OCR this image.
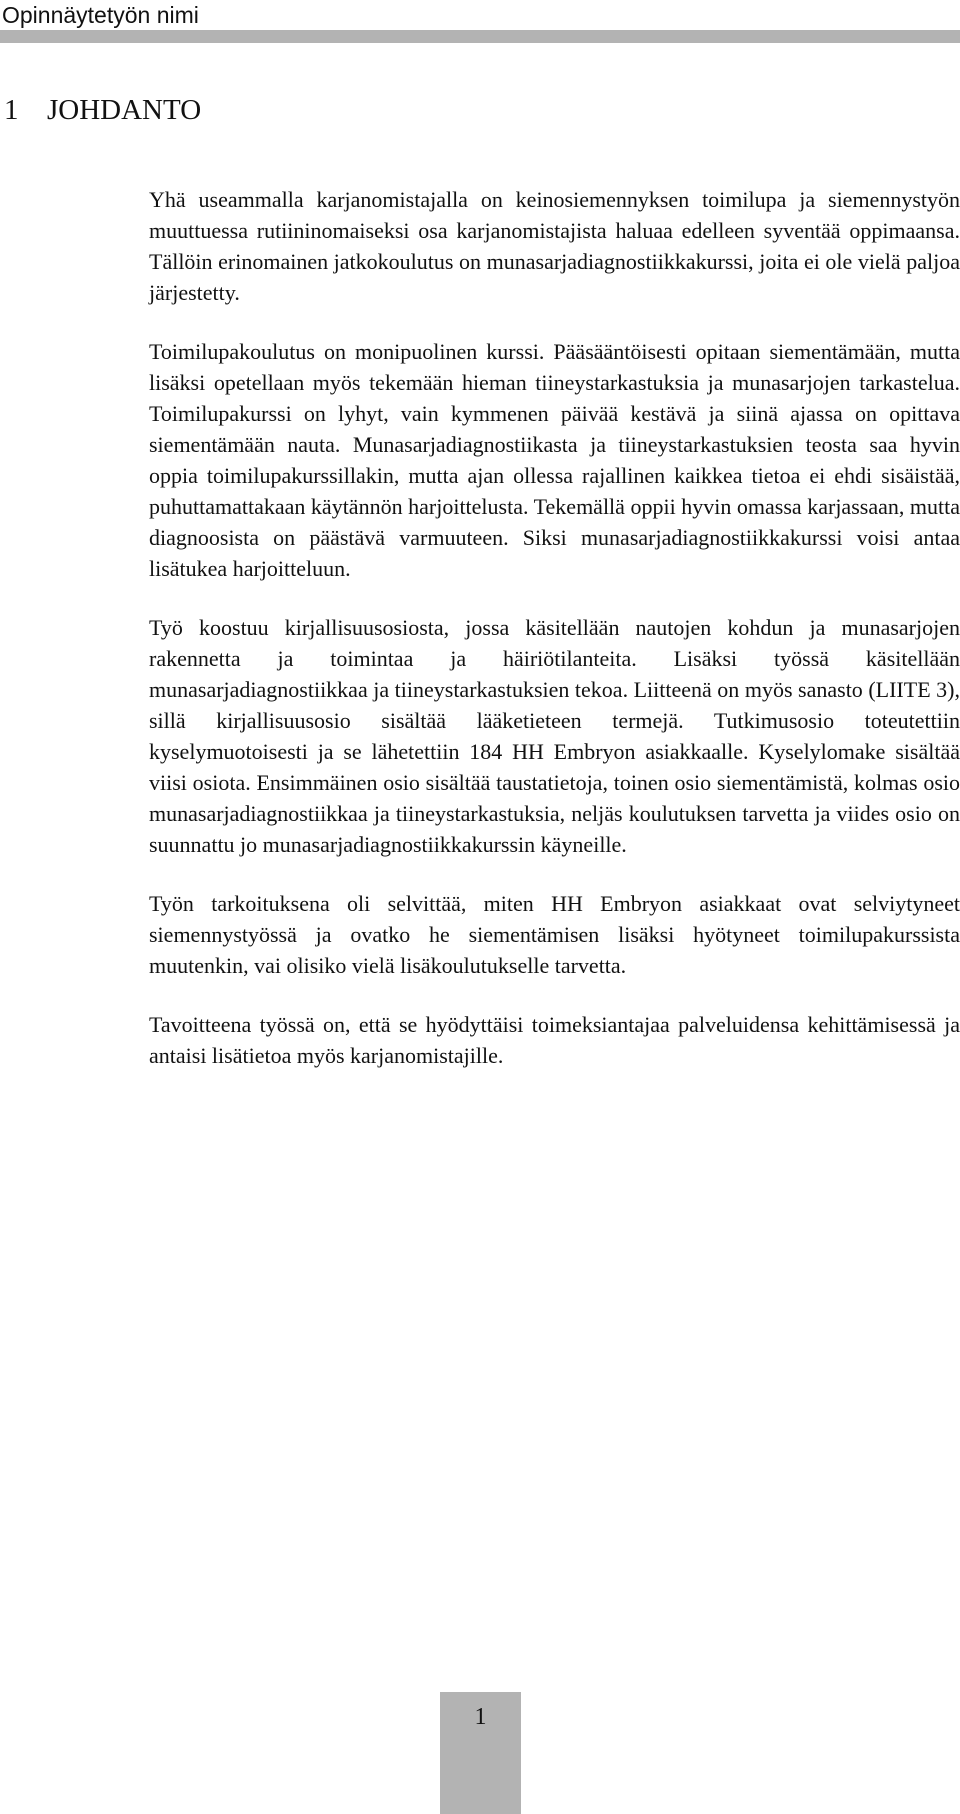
Opinnäytetyön nimi
1 JOHDANTO

Yhä useammalla karjanomistajalla on keinosiemennyksen toimilupa ja siemennystyön muuttuessa rutiininomaiseksi osa karjanomistajista haluaa edelleen syventää oppimaansa. Tällöin erinomainen jatkokoulutus on munasarjadiagnostiikkakurssi, joita ei ole vielä paljoa järjestetty.

Toimilupakoulutus on monipuolinen kurssi. Pääsääntöisesti opitaan siementämään, mutta lisäksi opetellaan myös tekemään hieman tiineystarkastuksia ja munasarjojen tarkastelua. Toimilupakurssi on lyhyt, vain kymmenen päivää kestävä ja siinä ajassa on opittava siementämään nauta. Munasarjadiagnostiikasta ja tiineystarkastuksien teosta saa hyvin oppia toimilupakurssillakin, mutta ajan ollessa rajallinen kaikkea tietoa ei ehdi sisäistää, puhuttamattakaan käytännön harjoittelusta. Tekemällä oppii hyvin omassa karjassaan, mutta diagnoosista on päästävä varmuuteen. Siksi munasarjadiagnostiikkakurssi voisi antaa lisätukea harjoitteluun.

Työ koostuu kirjallisuusosiosta, jossa käsitellään nautojen kohdun ja munasarjojen rakennetta ja toimintaa ja häiriötilanteita. Lisäksi työssä käsitellään munasarjadiagnostiikkaa ja tiineystarkastuksien tekoa. Liitteenä on myös sanasto (LIITE 3), sillä kirjallisuusosio sisältää lääketieteen termejä. Tutkimusosio toteutettiin kyselymuotoisesti ja se lähetettiin 184 HH Embryon asiakkaalle. Kyselylomake sisältää viisi osiota. Ensimmäinen osio sisältää taustatietoja, toinen osio siementämistä, kolmas osio munasarjadiagnostiikkaa ja tiineystarkastuksia, neljäs koulutuksen tarvetta ja viides osio on suunnattu jo munasarjadiagnostiikkakurssin käyneille.

Työn tarkoituksena oli selvittää, miten HH Embryon asiakkaat ovat selviytyneet siemennystyössä ja ovatko he siementämisen lisäksi hyötyneet toimilupakurssista muutenkin, vai olisiko vielä lisäkoulutukselle tarvetta.

Tavoitteena työssä on, että se hyödyttäisi toimeksiantajaa palveluidensa kehittämisessä ja antaisi lisätietoa myös karjanomistajille.

1
